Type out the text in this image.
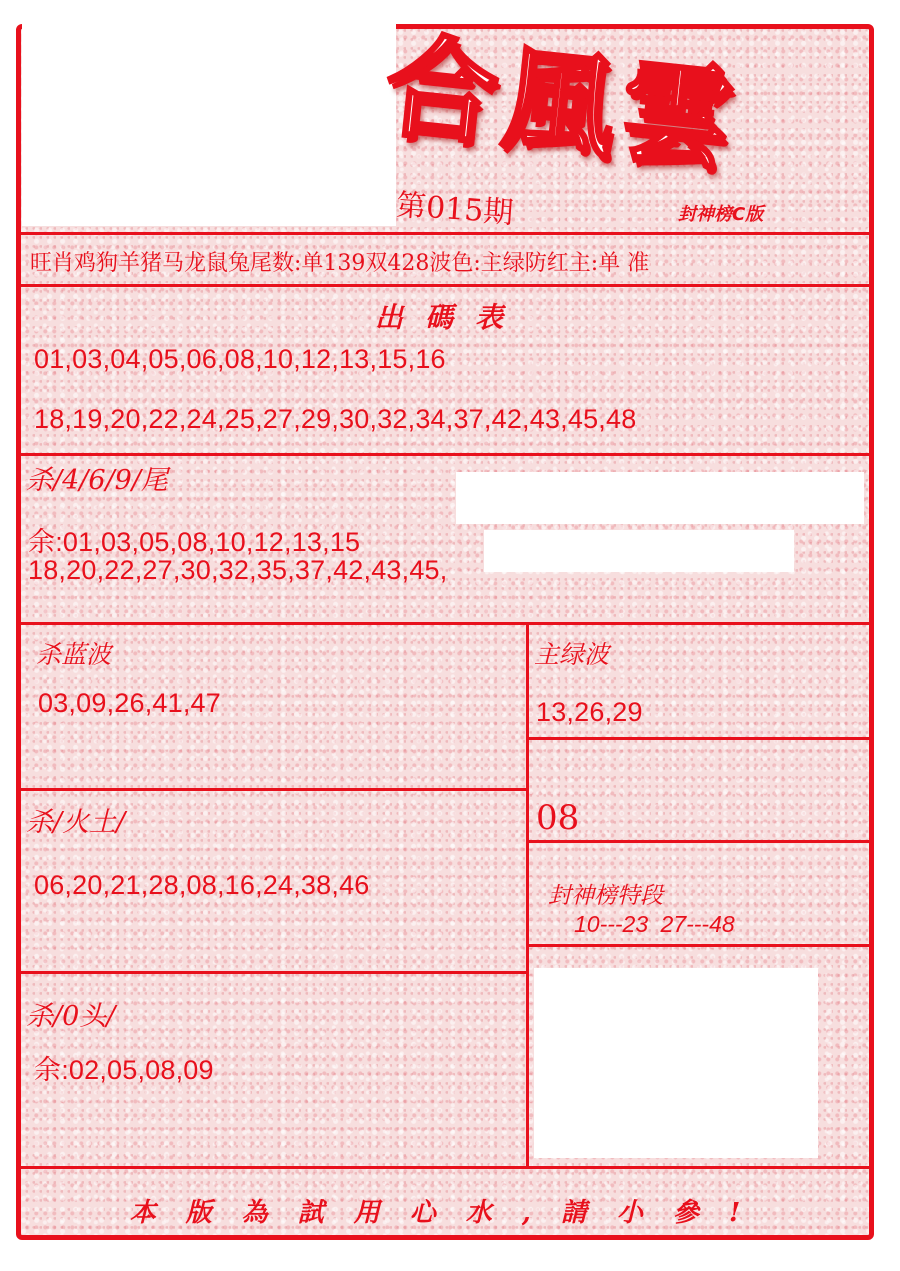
合風雲
第015期	封神榜C版
旺肖鸡狗羊猪马龙鼠兔尾数:单139双428波色:主绿防红主:单 准
出碼表
01,03,04,05,06,08,10,12,13,15,16
18,19,20,22,24,25,27,29,30,32,34,37,42,43,45,48
杀/4/6/9/尾
余:01,03,05,08,10,12,13,15
18,20,22,27,30,32,35,37,42,43,45,
杀蓝波
03,09,26,41,47
主绿波
13,26,29
08
杀/火土/
06,20,21,28,08,16,24,38,46	封神榜特段
10---23 27---48
杀/0头/
余:02,05,08,09
本版為試用心水,請小參!
